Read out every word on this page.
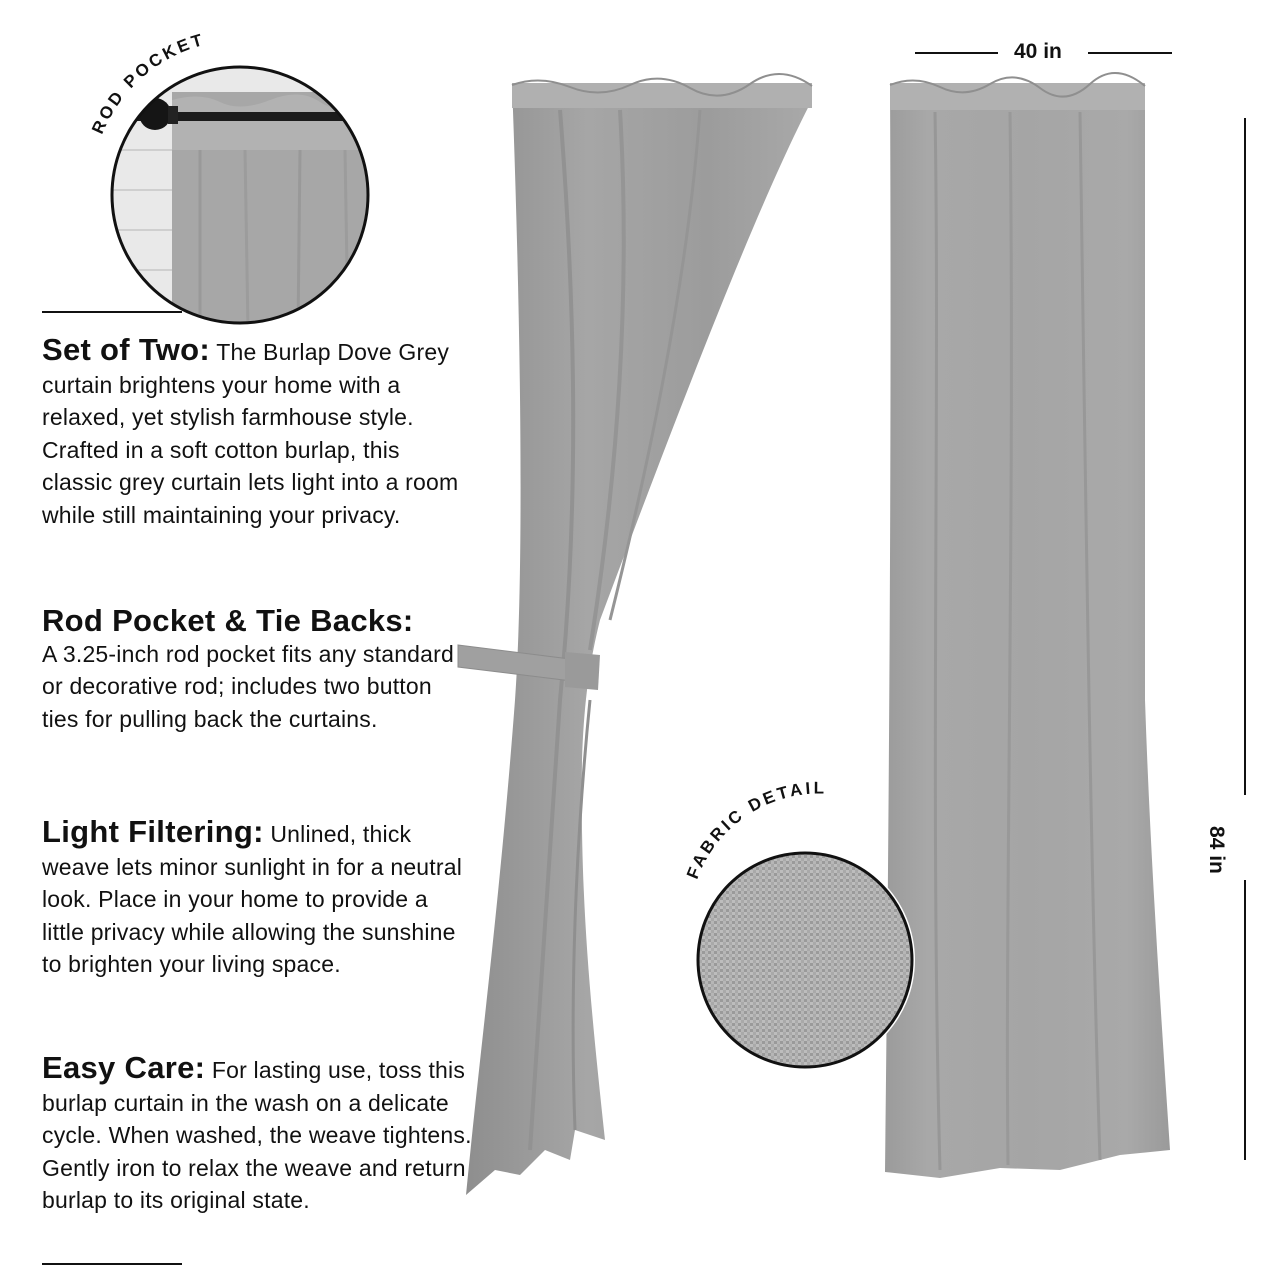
ROD POCKET
FABRIC DETAIL
40 in
84 in
Set of Two: The Burlap Dove Grey curtain brightens your home with a relaxed, yet stylish farmhouse style. Crafted in a soft cotton burlap, this classic grey curtain lets light into a room while still maintaining your privacy.
Rod Pocket & Tie Backs:
A 3.25-inch rod pocket fits any standard or decorative rod; includes two button ties for pulling back the curtains.
Light Filtering: Unlined, thick weave lets minor sunlight in for a neutral look. Place in your home to provide a little privacy while allowing the sunshine to brighten your living space.
Easy Care: For lasting use, toss this burlap curtain in the wash on a delicate cycle. When washed, the weave tightens. Gently iron to relax the weave and return burlap to its original state.
